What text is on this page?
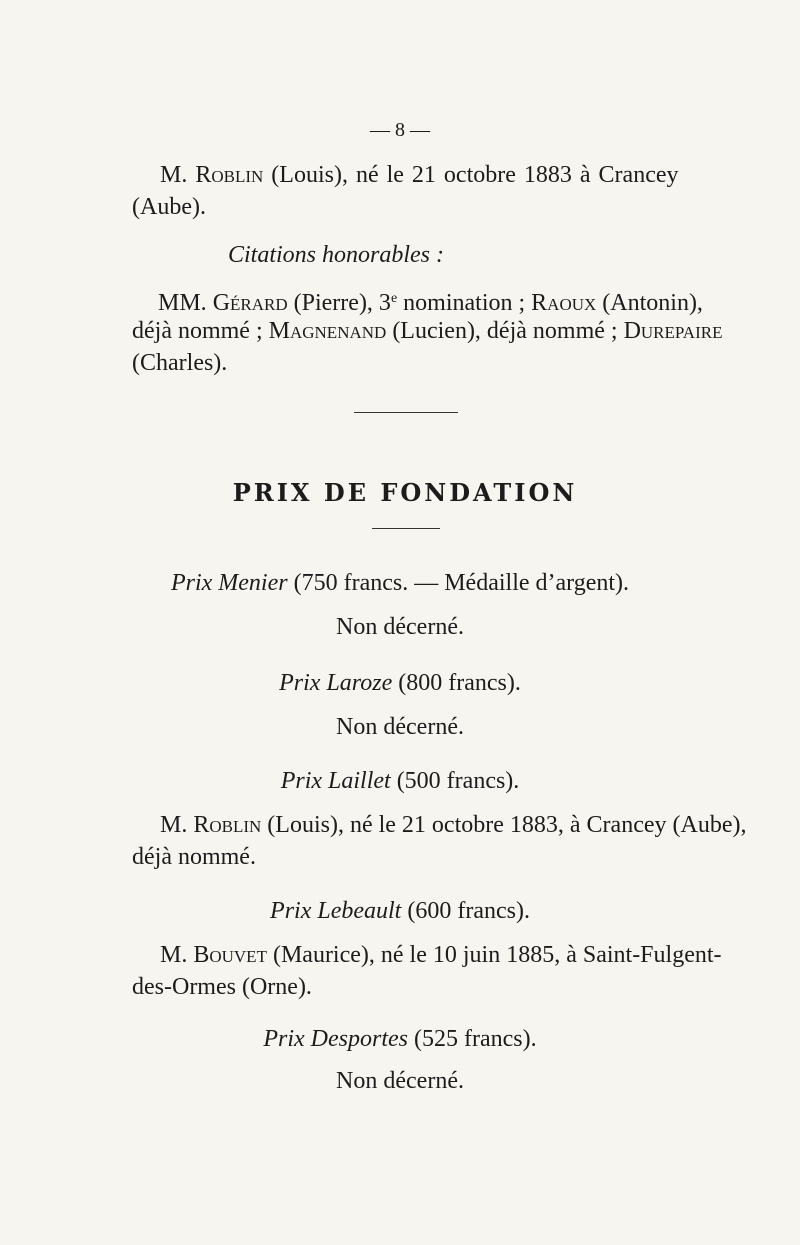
— 8 —
M. Roblin (Louis), né le 21 octobre 1883 à Crancey
(Aube).
Citations honorables :
MM. Gérard (Pierre), 3e nomination ; Raoux (Antonin),
déjà nommé ; Magnenand (Lucien), déjà nommé ; Durepaire
(Charles).
PRIX DE FONDATION
Prix Menier (750 francs. — Médaille d’argent).
Non décerné.
Prix Laroze (800 francs).
Non décerné.
Prix Laillet (500 francs).
M. Roblin (Louis), né le 21 octobre 1883, à Crancey (Aube),
déjà nommé.
Prix Lebeault (600 francs).
M. Bouvet (Maurice), né le 10 juin 1885, à Saint-Fulgent-
des-Ormes (Orne).
Prix Desportes (525 francs).
Non décerné.
